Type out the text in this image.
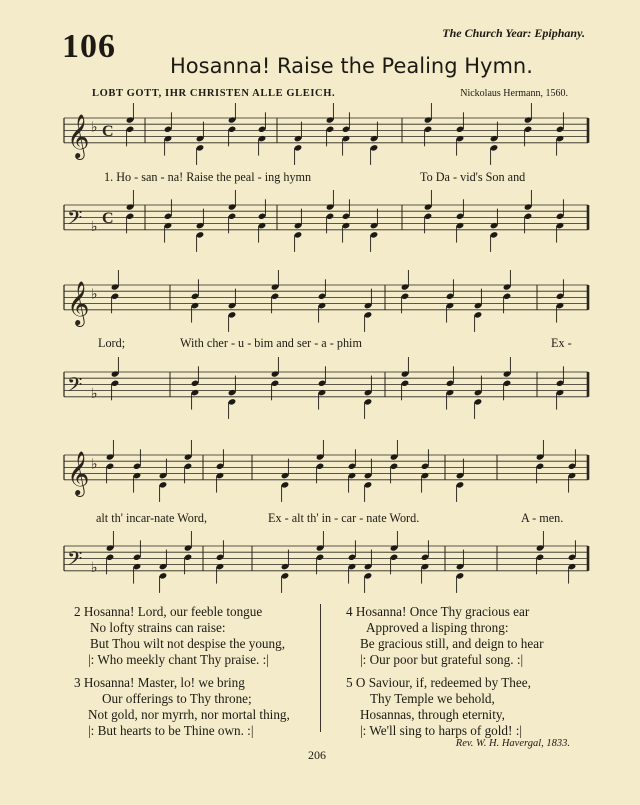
106
Hosanna! Raise the Pealing Hymn.
The Church Year: Epiphany.
LOBT GOTT, IHR CHRISTEN ALLE GLEICH.	Nickolaus Hermann, 1560.
𝄞 ♭ C
𝄢 ♭
C
𝄞 ♭
𝄢 ♭
𝄞 ♭
𝄢 ♭
1. Ho - san - na! Raise the peal - ing hymn	To Da - vid's Son and
Lord;	With cher - u - bim and ser - a - phim	Ex -
alt th' incar-nate Word,	Ex - alt th' in - car - nate Word.	A - men.
2 Hosanna! Lord, our feeble tongue
No lofty strains can raise:
But Thou wilt not despise the young,
|: Who meekly chant Thy praise. :|
3 Hosanna! Master, lo! we bring
Our offerings to Thy throne;
Not gold, nor myrrh, nor mortal thing,
|: But hearts to be Thine own. :|
4 Hosanna! Once Thy gracious ear
Approved a lisping throng:
Be gracious still, and deign to hear
|: Our poor but grateful song. :|
5 O Saviour, if, redeemed by Thee,
Thy Temple we behold,
Hosannas, through eternity,
|: We'll sing to harps of gold! :|
Rev. W. H. Havergal, 1833.
206
